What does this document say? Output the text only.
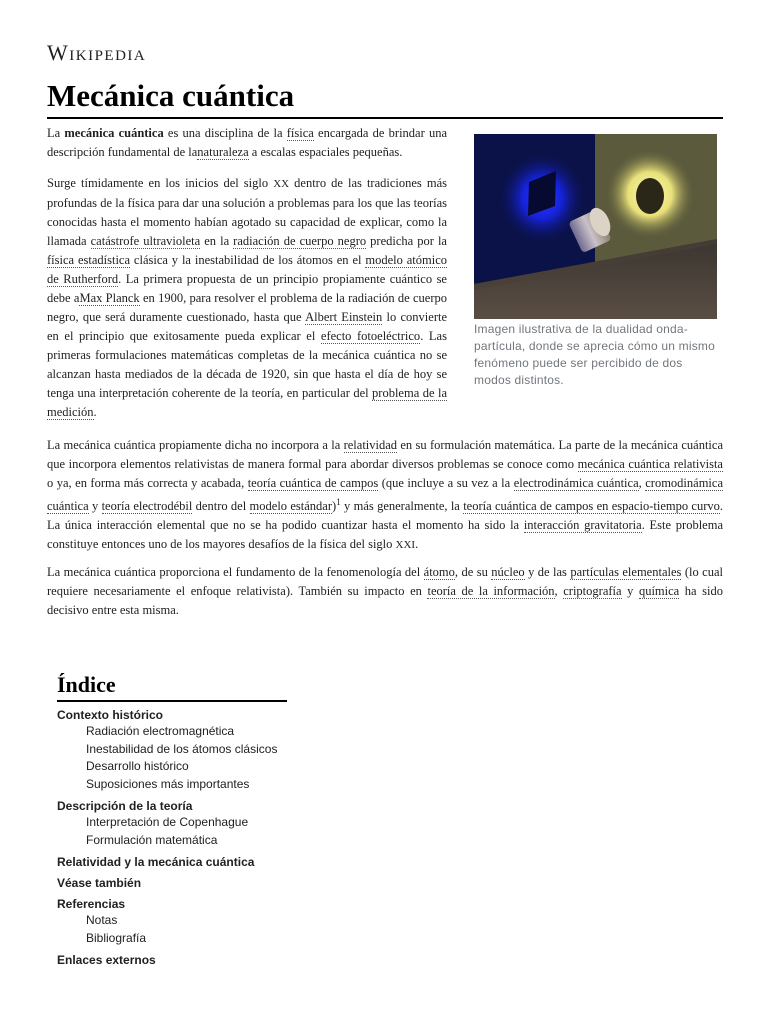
Wikipedia
Mecánica cuántica
Imagen ilustrativa de la dualidad onda-partícula, donde se aprecia cómo un mismo fenómeno puede ser percibido de dos modos distintos.

La mecánica cuántica es una disciplina de la física encargada de brindar una descripción fundamental de lanaturaleza a escalas espaciales pequeñas.

Surge tímidamente en los inicios del siglo XX dentro de las tradiciones más profundas de la física para dar una solución a problemas para los que las teorías conocidas hasta el momento habían agotado su capacidad de explicar, como la llamada catástrofe ultravioleta en la radiación de cuerpo negro predicha por la física estadística clásica y la inestabilidad de los átomos en el modelo atómico de Rutherford. La primera propuesta de un principio propiamente cuántico se debe aMax Planck en 1900, para resolver el problema de la radiación de cuerpo negro, que será duramente cuestionado, hasta que Albert Einstein lo convierte en el principio que exitosamente pueda explicar el efecto fotoeléctrico. Las primeras formulaciones matemáticas completas de la mecánica cuántica no se alcanzan hasta mediados de la década de 1920, sin que hasta el día de hoy se tenga una interpretación coherente de la teoría, en particular del problema de la medición.

La mecánica cuántica propiamente dicha no incorpora a la relatividad en su formulación matemática. La parte de la mecánica cuántica que incorpora elementos relativistas de manera formal para abordar diversos problemas se conoce como mecánica cuántica relativista o ya, en forma más correcta y acabada, teoría cuántica de campos (que incluye a su vez a la electrodinámica cuántica, cromodinámica cuántica y teoría electrodébil dentro del modelo estándar)$^1$ y más generalmente, la teoría cuántica de campos en espacio-tiempo curvo. La única interacción elemental que no se ha podido cuantizar hasta el momento ha sido la interacción gravitatoria. Este problema constituye entonces uno de los mayores desafíos de la física del siglo XXI.

La mecánica cuántica proporciona el fundamento de la fenomenología del átomo, de su núcleo y de las partículas elementales (lo cual requiere necesariamente el enfoque relativista). También su impacto en teoría de la información, criptografía y química ha sido decisivo entre esta misma.

Índice
Contexto histórico
Radiación electromagnética
Inestabilidad de los átomos clásicos
Desarrollo histórico
Suposiciones más importantes
Descripción de la teoría
Interpretación de Copenhague
Formulación matemática
Relatividad y la mecánica cuántica
Véase también
Referencias
Notas
Bibliografía
Enlaces externos
